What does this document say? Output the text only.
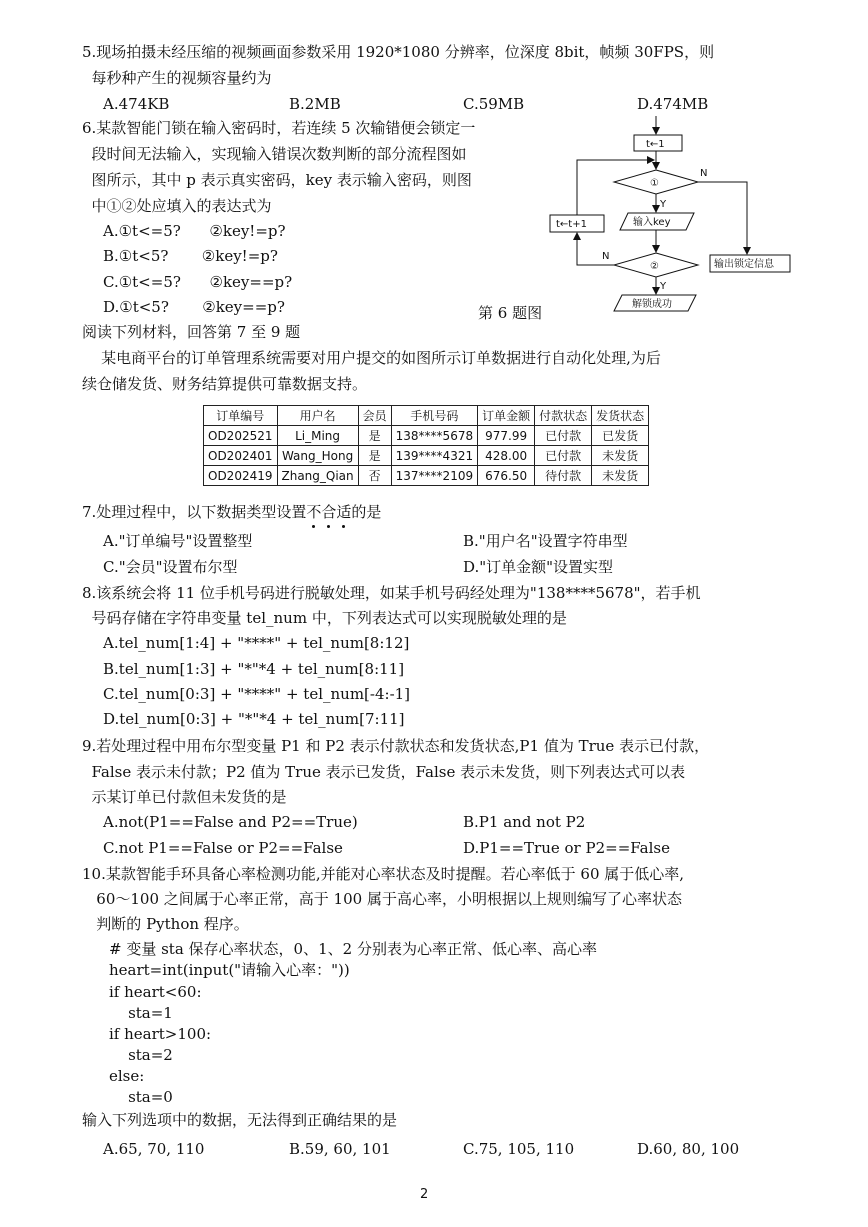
5.现场拍摄未经压缩的视频画面参数采用 1920*1080 分辨率，位深度 8bit，帧频 30FPS，则
每秒种产生的视频容量约为
A.474KB	B.2MB	C.59MB	D.474MB
6.某款智能门锁在输入密码时，若连续 5 次输错便会锁定一
段时间无法输入，实现输入错误次数判断的部分流程图如
图所示，其中 p 表示真实密码，key 表示输入密码，则图
中①②处应填入的表达式为
A.①t<=5?      ②key!=p?
B.①t<5?       ②key!=p?
C.①t<=5?      ②key==p?
D.①t<5?       ②key==p?
t←1
①
Y
N
输入key
②
Y
N
t←t+1
输出锁定信息
解锁成功
第 6 题图
阅读下列材料，回答第 7 至 9 题
某电商平台的订单管理系统需要对用户提交的如图所示订单数据进行自动化处理,为后
续仓储发货、财务结算提供可靠数据支持。
订单编号	用户名	会员	手机号码	订单金额	付款状态	发货状态
OD202521	Li_Ming	是	138****5678	977.99	已付款	已发货
OD202401	Wang_Hong	是	139****4321	428.00	已付款	未发货
OD202419	Zhang_Qian	否	137****2109	676.50	待付款	未发货
7.处理过程中，以下数据类型设置不合适的是
A."订单编号"设置整型	B."用户名"设置字符串型
C."会员"设置布尔型	D."订单金额"设置实型
8.该系统会将 11 位手机号码进行脱敏处理，如某手机号码经处理为"138****5678"，若手机
号码存储在字符串变量 tel_num 中，下列表达式可以实现脱敏处理的是
A.tel_num[1:4] + "****" + tel_num[8:12]
B.tel_num[1:3] + "*"*4 + tel_num[8:11]
C.tel_num[0:3] + "****" + tel_num[-4:-1]
D.tel_num[0:3] + "*"*4 + tel_num[7:11]
9.若处理过程中用布尔型变量 P1 和 P2 表示付款状态和发货状态,P1 值为 True 表示已付款，
False 表示未付款；P2 值为 True 表示已发货，False 表示未发货，则下列表达式可以表
示某订单已付款但未发货的是
A.not(P1==False and P2==True)	B.P1 and not P2
C.not P1==False or P2==False	D.P1==True or P2==False
10.某款智能手环具备心率检测功能,并能对心率状态及时提醒。若心率低于 60 属于低心率,
60～100 之间属于心率正常，高于 100 属于高心率，小明根据以上规则编写了心率状态
判断的 Python 程序。
# 变量 sta 保存心率状态，0、1、2 分别表为心率正常、低心率、高心率
heart=int(input("请输入心率："))
if heart<60:
sta=1
if heart>100:
sta=2
else:
sta=0
输入下列选项中的数据，无法得到正确结果的是
A.65, 70, 110	B.59, 60, 101	C.75, 105, 110	D.60, 80, 100
2
